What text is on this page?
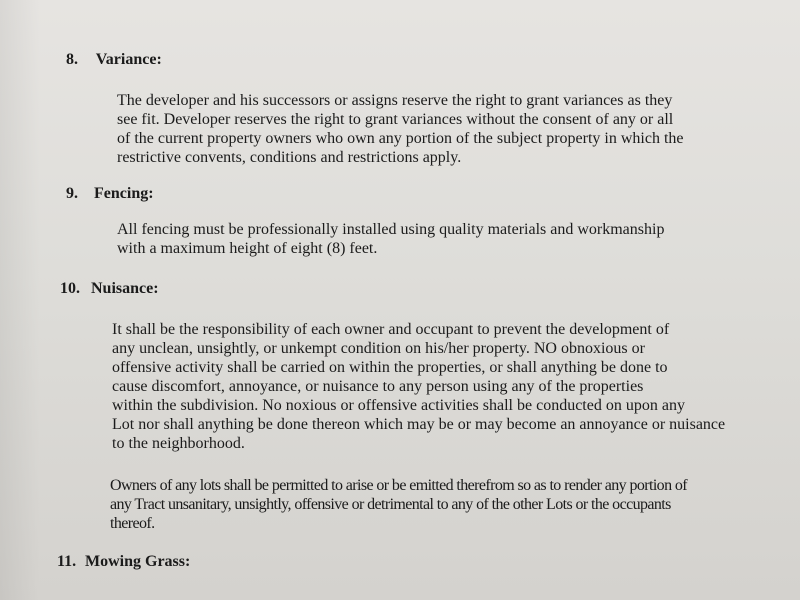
8. Variance:

The developer and his successors or assigns reserve the right to grant variances as they
see fit. Developer reserves the right to grant variances without the consent of any or all
of the current property owners who own any portion of the subject property in which the
restrictive convents, conditions and restrictions apply.

9. Fencing:

All fencing must be professionally installed using quality materials and workmanship
with a maximum height of eight (8) feet.

10. Nuisance:

It shall be the responsibility of each owner and occupant to prevent the development of
any unclean, unsightly, or unkempt condition on his/her property. NO obnoxious or
offensive activity shall be carried on within the properties, or shall anything be done to
cause discomfort, annoyance, or nuisance to any person using any of the properties
within the subdivision. No noxious or offensive activities shall be conducted on upon any
Lot nor shall anything be done thereon which may be or may become an annoyance or nuisance
to the neighborhood.

Owners of any lots shall be permitted to arise or be emitted therefrom so as to render any portion of
any Tract unsanitary, unsightly, offensive or detrimental to any of the other Lots or the occupants
thereof.

11. Mowing Grass:
